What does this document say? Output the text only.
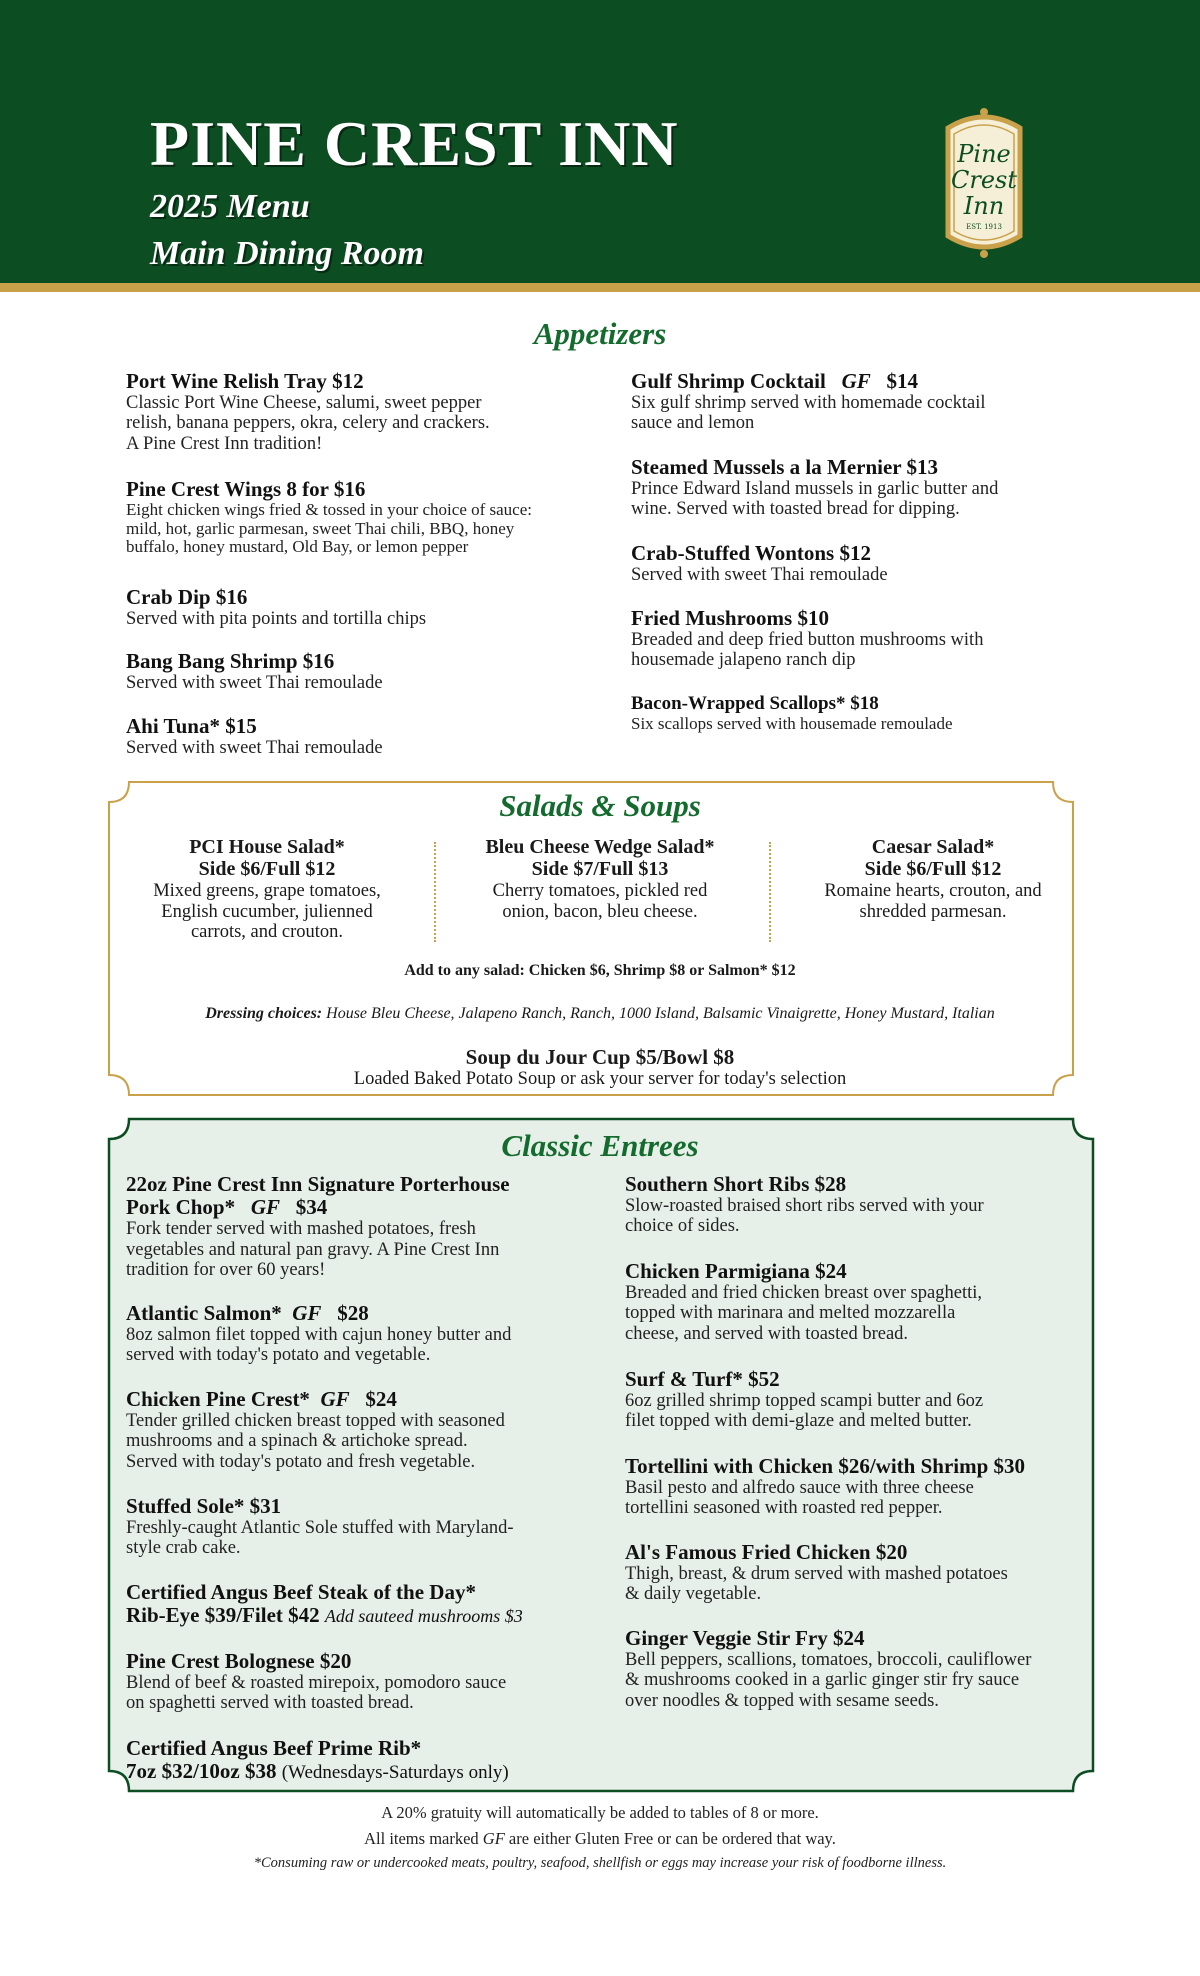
PINE CREST INN
2025 Menu
Main Dining Room
Pine
Crest
Inn
EST. 1913
Appetizers
Port Wine Relish Tray $12
Classic Port Wine Cheese, salumi, sweet pepper
relish, banana peppers, okra, celery and crackers.
A Pine Crest Inn tradition!
Pine Crest Wings 8 for $16
Eight chicken wings fried & tossed in your choice of sauce:
mild, hot, garlic parmesan, sweet Thai chili, BBQ, honey
buffalo, honey mustard, Old Bay, or lemon pepper
Crab Dip $16
Served with pita points and tortilla chips
Bang Bang Shrimp $16
Served with sweet Thai remoulade
Ahi Tuna* $15
Served with sweet Thai remoulade
Gulf Shrimp Cocktail GF $14
Six gulf shrimp served with homemade cocktail
sauce and lemon
Steamed Mussels a la Mernier $13
Prince Edward Island mussels in garlic butter and
wine. Served with toasted bread for dipping.
Crab-Stuffed Wontons $12
Served with sweet Thai remoulade
Fried Mushrooms $10
Breaded and deep fried button mushrooms with
housemade jalapeno ranch dip
Bacon-Wrapped Scallops* $18
Six scallops served with housemade remoulade
Salads & Soups
PCI House Salad*
Side $6/Full $12
Mixed greens, grape tomatoes,
English cucumber, julienned
carrots, and crouton.
Bleu Cheese Wedge Salad*
Side $7/Full $13
Cherry tomatoes, pickled red
onion, bacon, bleu cheese.
Caesar Salad*
Side $6/Full $12
Romaine hearts, crouton, and
shredded parmesan.
Add to any salad: Chicken $6, Shrimp $8 or Salmon* $12
Dressing choices: House Bleu Cheese, Jalapeno Ranch, Ranch, 1000 Island, Balsamic Vinaigrette, Honey Mustard, Italian
Soup du Jour Cup $5/Bowl $8
Loaded Baked Potato Soup or ask your server for today's selection
Classic Entrees
22oz Pine Crest Inn Signature Porterhouse
Pork Chop* GF $34
Fork tender served with mashed potatoes, fresh
vegetables and natural pan gravy. A Pine Crest Inn
tradition for over 60 years!
Atlantic Salmon* GF $28
8oz salmon filet topped with cajun honey butter and
served with today's potato and vegetable.
Chicken Pine Crest* GF $24
Tender grilled chicken breast topped with seasoned
mushrooms and a spinach & artichoke spread.
Served with today's potato and fresh vegetable.
Stuffed Sole* $31
Freshly-caught Atlantic Sole stuffed with Maryland-
style crab cake.
Certified Angus Beef Steak of the Day*
Rib-Eye $39/Filet $42 Add sauteed mushrooms $3
Pine Crest Bolognese $20
Blend of beef & roasted mirepoix, pomodoro sauce
on spaghetti served with toasted bread.
Certified Angus Beef Prime Rib*
7oz $32/10oz $38 (Wednesdays-Saturdays only)
Southern Short Ribs $28
Slow-roasted braised short ribs served with your
choice of sides.
Chicken Parmigiana $24
Breaded and fried chicken breast over spaghetti,
topped with marinara and melted mozzarella
cheese, and served with toasted bread.
Surf & Turf* $52
6oz grilled shrimp topped scampi butter and 6oz
filet topped with demi-glaze and melted butter.
Tortellini with Chicken $26/with Shrimp $30
Basil pesto and alfredo sauce with three cheese
tortellini seasoned with roasted red pepper.
Al's Famous Fried Chicken $20
Thigh, breast, & drum served with mashed potatoes
& daily vegetable.
Ginger Veggie Stir Fry $24
Bell peppers, scallions, tomatoes, broccoli, cauliflower
& mushrooms cooked in a garlic ginger stir fry sauce
over noodles & topped with sesame seeds.
A 20% gratuity will automatically be added to tables of 8 or more.
All items marked GF are either Gluten Free or can be ordered that way.
*Consuming raw or undercooked meats, poultry, seafood, shellfish or eggs may increase your risk of foodborne illness.
